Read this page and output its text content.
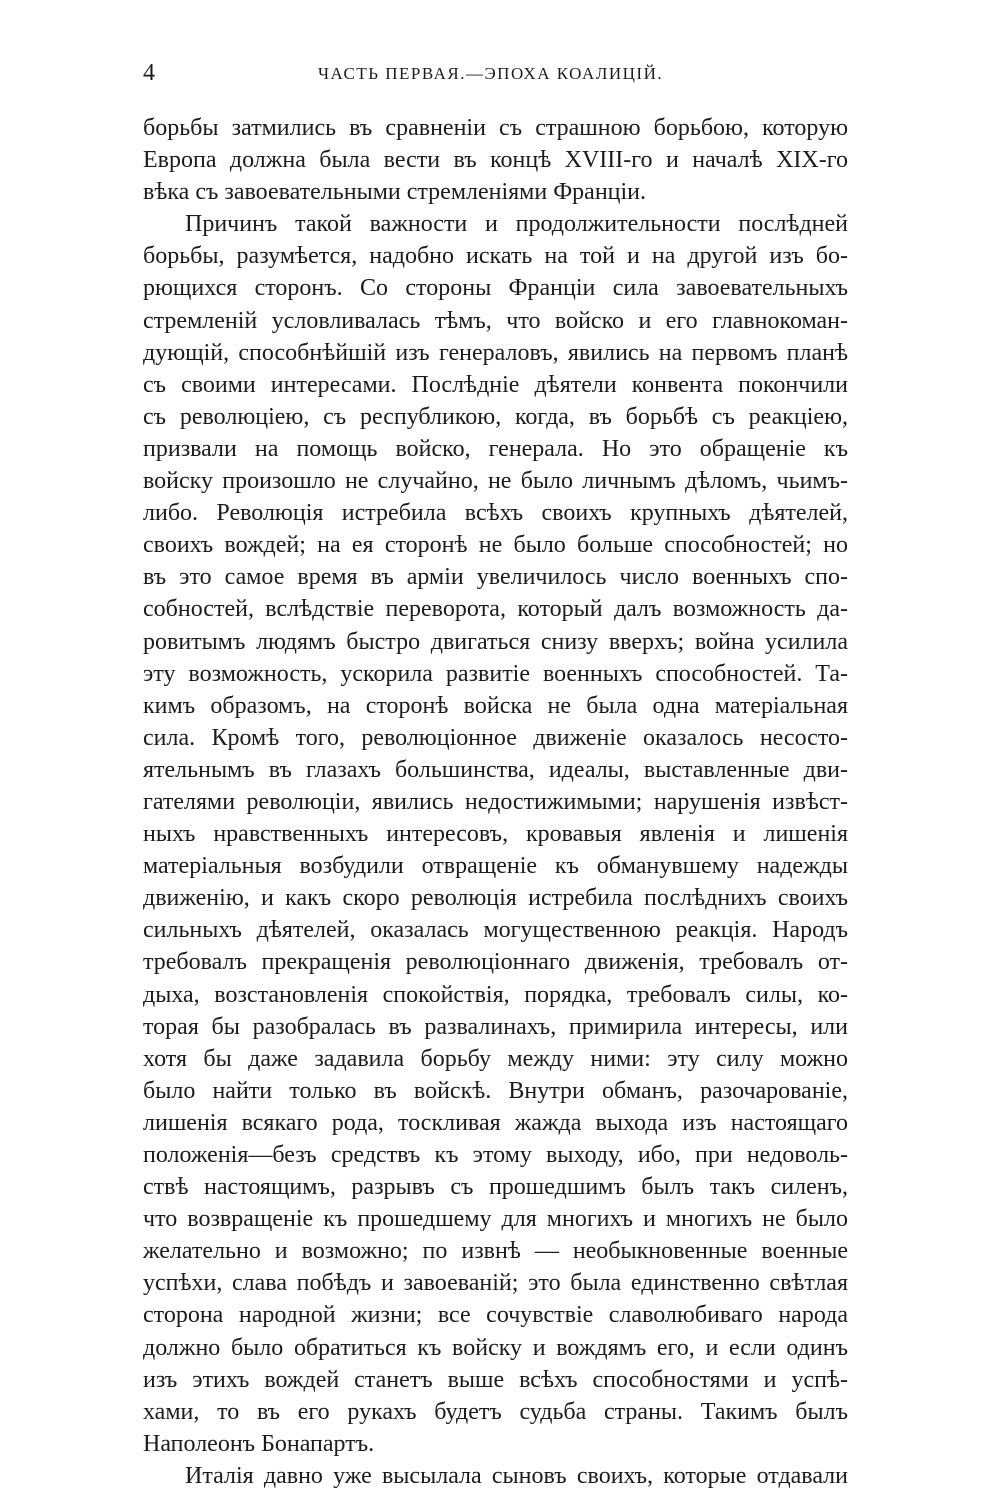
4	ЧАСТЬ ПЕРВАЯ.—ЭПОХА КОАЛИЦІЙ.
борьбы затмились въ сравненіи съ страшною борьбою, которую
Европа должна была вести въ концѣ XVIII-го и началѣ XIX-го
вѣка съ завоевательными стремленіями Франціи.
Причинъ такой важности и продолжительности послѣдней
борьбы, разумѣется, надобно искать на той и на другой изъ бо-
рющихся сторонъ. Со стороны Франціи сила завоевательныхъ
стремленій условливалась тѣмъ, что войско и его главнокоман-
дующій, способнѣйшій изъ генераловъ, явились на первомъ планѣ
съ своими интересами. Послѣдніе дѣятели конвента покончили
съ революціею, съ республикою, когда, въ борьбѣ съ реакціею,
призвали на помощь войско, генерала. Но это обращеніе къ
войску произошло не случайно, не было личнымъ дѣломъ, чьимъ-
либо. Революція истребила всѣхъ своихъ крупныхъ дѣятелей,
своихъ вождей; на ея сторонѣ не было больше способностей; но
въ это самое время въ арміи увеличилось число военныхъ спо-
собностей, вслѣдствіе переворота, который далъ возможность да-
ровитымъ людямъ быстро двигаться снизу вверхъ; война усилила
эту возможность, ускорила развитіе военныхъ способностей. Та-
кимъ образомъ, на сторонѣ войска не была одна матеріальная
сила. Кромѣ того, революціонное движеніе оказалось несосто-
ятельнымъ въ глазахъ большинства, идеалы, выставленные дви-
гателями революціи, явились недостижимыми; нарушенія извѣст-
ныхъ нравственныхъ интересовъ, кровавыя явленія и лишенія
матеріальныя возбудили отвращеніе къ обманувшему надежды
движенію, и какъ скоро революція истребила послѣднихъ своихъ
сильныхъ дѣятелей, оказалась могущественною реакція. Народъ
требовалъ прекращенія революціоннаго движенія, требовалъ от-
дыха, возстановленія спокойствія, порядка, требовалъ силы, ко-
торая бы разобралась въ развалинахъ, примирила интересы, или
хотя бы даже задавила борьбу между ними: эту силу можно
было найти только въ войскѣ. Внутри обманъ, разочарованіе,
лишенія всякаго рода, тоскливая жажда выхода изъ настоящаго
положенія—безъ средствъ къ этому выходу, ибо, при недоволь-
ствѣ настоящимъ, разрывъ съ прошедшимъ былъ такъ силенъ,
что возвращеніе къ прошедшему для многихъ и многихъ не было
желательно и возможно; по извнѣ — необыкновенные военные
успѣхи, слава побѣдъ и завоеваній; это была единственно свѣтлая
сторона народной жизни; все сочувствіе славолюбиваго народа
должно было обратиться къ войску и вождямъ его, и если одинъ
изъ этихъ вождей станетъ выше всѣхъ способностями и успѣ-
хами, то въ его рукахъ будетъ судьба страны. Такимъ былъ
Наполеонъ Бонапартъ.
Италія давно уже высылала сыновъ своихъ, которые отдавали
